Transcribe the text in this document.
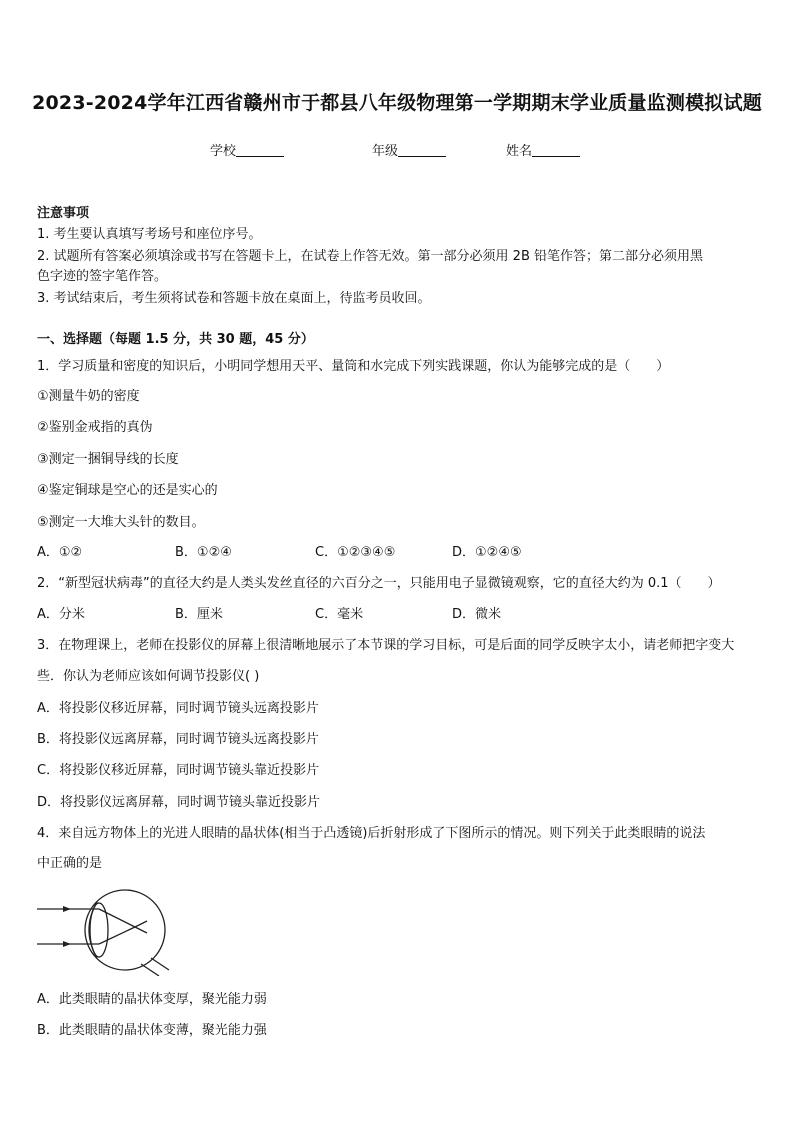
2023-2024学年江西省赣州市于都县八年级物理第一学期期末学业质量监测模拟试题
学校	年级	姓名
注意事项
1. 考生要认真填写考场号和座位序号。
2. 试题所有答案必须填涂或书写在答题卡上，在试卷上作答无效。第一部分必须用 2B 铅笔作答；第二部分必须用黑
色字迹的签字笔作答。
3. 考试结束后，考生须将试卷和答题卡放在桌面上，待监考员收回。
一、选择题（每题 1.5 分，共 30 题，45 分）
1．学习质量和密度的知识后，小明同学想用天平、量筒和水完成下列实践课题，你认为能够完成的是（　　）
①测量牛奶的密度
②鉴别金戒指的真伪
③测定一捆铜导线的长度
④鉴定铜球是空心的还是实心的
⑤测定一大堆大头针的数目。
A．①②	B．①②④	C．①②③④⑤	D．①②④⑤
2．“新型冠状病毒”的直径大约是人类头发丝直径的六百分之一，只能用电子显微镜观察，它的直径大约为 0.1（　　）
A．分米	B．厘米	C．毫米	D．微米
3．在物理课上，老师在投影仪的屏幕上很清晰地展示了本节课的学习目标，可是后面的同学反映字太小，请老师把字变大
些．你认为老师应该如何调节投影仪( )
A．将投影仪移近屏幕，同时调节镜头远离投影片
B．将投影仪远离屏幕，同时调节镜头远离投影片
C．将投影仪移近屏幕，同时调节镜头靠近投影片
D．将投影仪远离屏幕，同时调节镜头靠近投影片
4．来自远方物体上的光进人眼睛的晶状体(相当于凸透镜)后折射形成了下图所示的情况。则下列关于此类眼睛的说法
中正确的是
A．此类眼睛的晶状体变厚，聚光能力弱
B．此类眼睛的晶状体变薄，聚光能力强
